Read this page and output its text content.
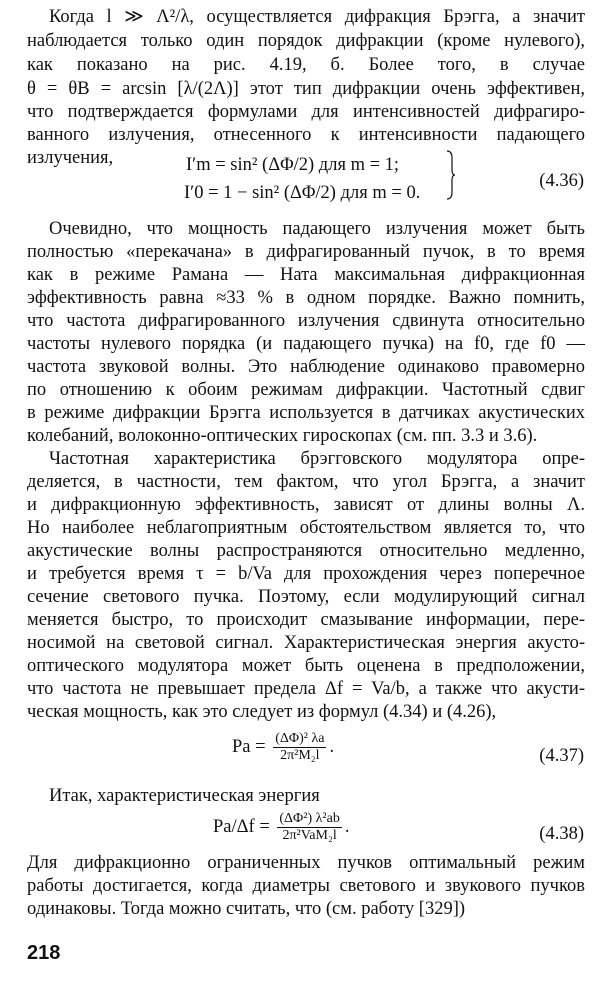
Когда l ≫ Λ²/λ, осуществляется дифракция Брэгга, а значит
наблюдается только один порядок дифракции (кроме нулевого),
как показано на рис. 4.19, б. Более того, в случае
θ = θB = arcsin [λ/(2Λ)] этот тип дифракции очень эффективен,
что подтверждается формулами для интенсивностей дифрагиро-
ванного излучения, отнесенного к интенсивности падающего
излучения,	I′m = sin² (ΔΦ/2) для m = 1;
I′0 = 1 − sin² (ΔΦ/2) для m = 0.
(4.36)
Очевидно, что мощность падающего излучения может быть
полностью «перекачана» в дифрагированный пучок, в то время
как в режиме Рамана — Ната максимальная дифракционная
эффективность равна ≈33 % в одном порядке. Важно помнить,
что частота дифрагированного излучения сдвинута относительно
частоты нулевого порядка (и падающего пучка) на f0, где f0 —
частота звуковой волны. Это наблюдение одинаково правомерно
по отношению к обоим режимам дифракции. Частотный сдвиг
в режиме дифракции Брэгга используется в датчиках акустических
колебаний, волоконно-оптических гироскопах (см. пп. 3.3 и 3.6).
Частотная характеристика брэгговского модулятора опре-
деляется, в частности, тем фактом, что угол Брэгга, а значит
и дифракционную эффективность, зависят от длины волны Λ.
Но наиболее неблагоприятным обстоятельством является то, что
акустические волны распространяются относительно медленно,
и требуется время τ = b/Va для прохождения через поперечное
сечение светового пучка. Поэтому, если модулирующий сигнал
меняется быстро, то происходит смазывание информации, пере-
носимой на световой сигнал. Характеристическая энергия акусто-
оптического модулятора может быть оценена в предположении,
что частота не превышает предела Δf = Va/b, а также что акусти-
ческая мощность, как это следует из формул (4.34) и (4.26),
$Pa = \frac{\text{(ΔΦ)² λa}}{\text{2π²M₂l}}$ .	(4.37)
Итак, характеристическая энергия
$Pa/\Delta f = \frac{\text{(ΔΦ²) λ²ab}}{\text{2π²VaM₂l}}$ .	(4.38)
Для дифракционно ограниченных пучков оптимальный режим
работы достигается, когда диаметры светового и звукового пучков
одинаковы. Тогда можно считать, что (см. работу [329])
218
